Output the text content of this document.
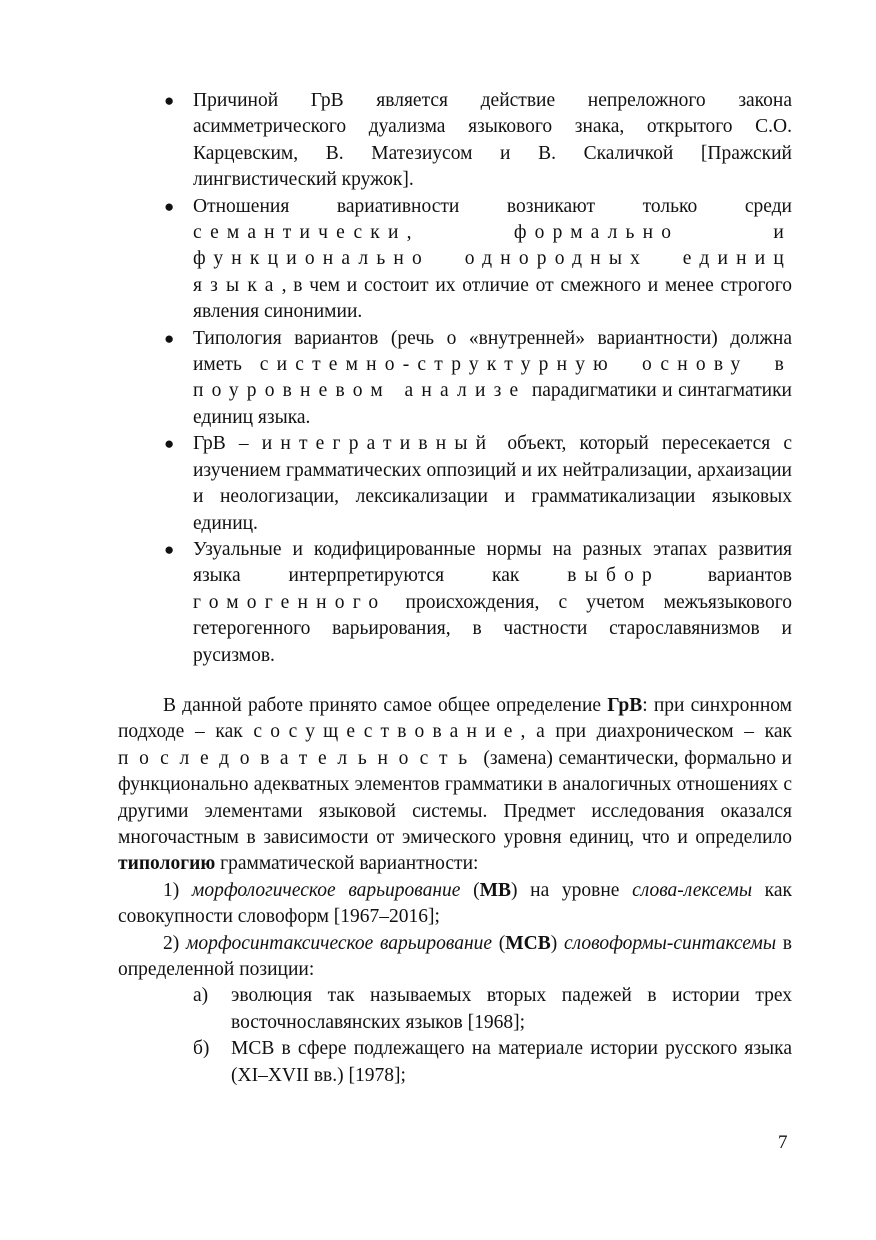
● Причиной ГрВ является действие непреложного закона асимметрического дуализма языкового знака, открытого С.О. Карцевским, В. Матезиусом и В. Скаличкой [Пражский лингвистический кружок].
● Отношения вариативности возникают только среди семантически, формально и функционально однородных единиц языка, в чем и состоит их отличие от смежного и менее строгого явления синонимии.
● Типология вариантов (речь о «внутренней» вариантности) должна иметь системно-структурную основу в поуровневом анализе парадигматики и синтагматики единиц языка.
● ГрВ – интегративный объект, который пересекается с изучением грамматических оппозиций и их нейтрализации, архаизации и неологизации, лексикализации и грамматикализации языковых единиц.
● Узуальные и кодифицированные нормы на разных этапах развития языка интерпретируются как выбор вариантов гомогенного происхождения, с учетом межъязыкового гетерогенного варьирования, в частности старославянизмов и русизмов.

В данной работе принято самое общее определение ГрВ: при синхронном подходе – как сосуществование, а при диахроническом – как последовательность (замена) семантически, формально и функционально адекватных элементов грамматики в аналогичных отношениях с другими элементами языковой системы. Предмет исследования оказался многочастным в зависимости от эмического уровня единиц, что и определило типологию грамматической вариантности:

1) морфологическое варьирование (МВ) на уровне слова-лексемы как совокупности словоформ [1967–2016];

2) морфосинтаксическое варьирование (МСВ) словоформы-синтаксемы в определенной позиции:

а) эволюция так называемых вторых падежей в истории трех восточнославянских языков [1968];

б) МСВ в сфере подлежащего на материале истории русского языка (XI–XVII вв.) [1978];

7
